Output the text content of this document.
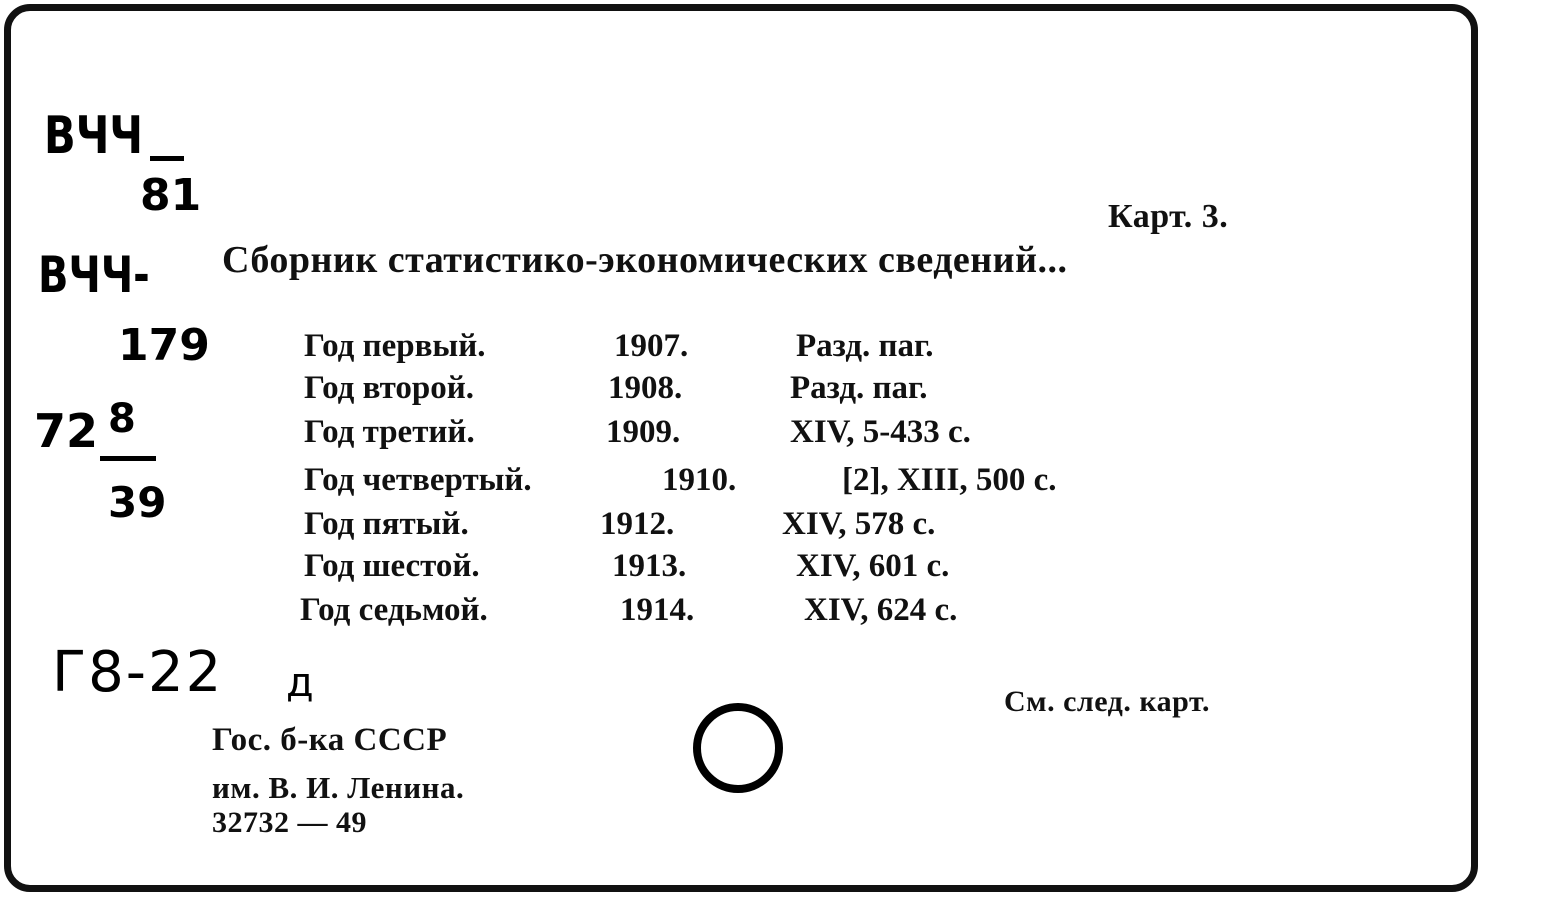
ВЧЧ
81
ВЧЧ-
179
72 8
39
Г8-22 д
Карт. 3.
Сборник статистико-экономических сведений...
Год первый.	1907.	Разд. паг.
Год второй.	1908.	Разд. паг.
Год третий.	1909.	XIV, 5-433 с.
Год четвертый.	1910.	[2], XIII, 500 с.
Год пятый.	1912.	XIV, 578 с.
Год шестой.	1913.	XIV, 601 с.
Год седьмой.	1914.	XIV, 624 с.
См. след. карт.
Гос. б-ка СССР
им. В. И. Ленина.
32732 — 49
